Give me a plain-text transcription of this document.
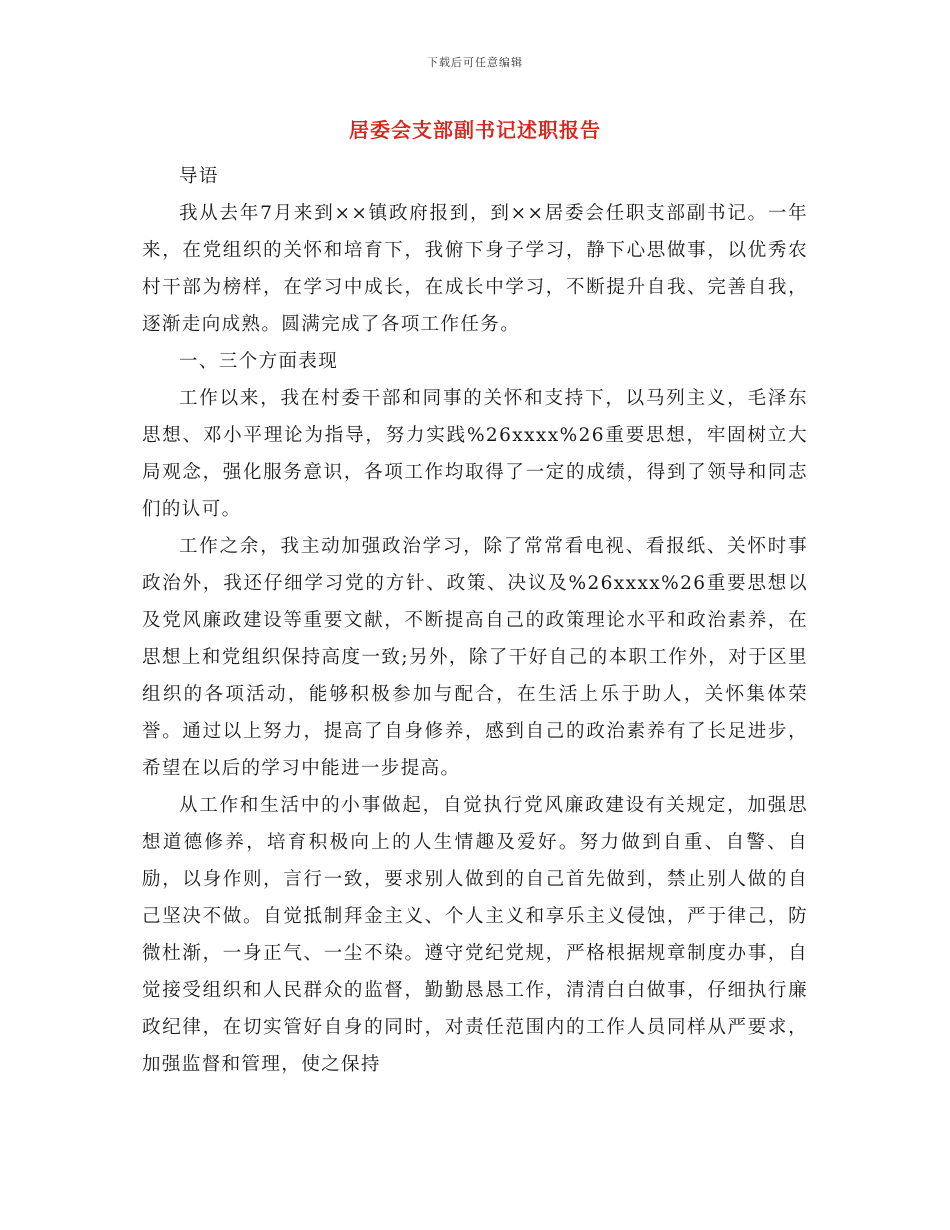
下载后可任意编辑
居委会支部副书记述职报告

导语

我从去年7月来到××镇政府报到，到××居委会任职支部副书记。一年来，在党组织的关怀和培育下，我俯下身子学习，静下心思做事，以优秀农村干部为榜样，在学习中成长，在成长中学习，不断提升自我、完善自我，逐渐走向成熟。圆满完成了各项工作任务。

一、三个方面表现

工作以来，我在村委干部和同事的关怀和支持下，以马列主义，毛泽东思想、邓小平理论为指导，努力实践%26xxxx%26重要思想，牢固树立大局观念，强化服务意识，各项工作均取得了一定的成绩，得到了领导和同志们的认可。

工作之余，我主动加强政治学习，除了常常看电视、看报纸、关怀时事政治外，我还仔细学习党的方针、政策、决议及%26xxxx%26重要思想以及党风廉政建设等重要文献，不断提高自己的政策理论水平和政治素养，在思想上和党组织保持高度一致;另外，除了干好自己的本职工作外，对于区里组织的各项活动，能够积极参加与配合，在生活上乐于助人，关怀集体荣誉。通过以上努力，提高了自身修养，感到自己的政治素养有了长足进步，希望在以后的学习中能进一步提高。

从工作和生活中的小事做起，自觉执行党风廉政建设有关规定，加强思想道德修养，培育积极向上的人生情趣及爱好。努力做到自重、自警、自励，以身作则，言行一致，要求别人做到的自己首先做到，禁止别人做的自己坚决不做。自觉抵制拜金主义、个人主义和享乐主义侵蚀，严于律己，防微杜渐，一身正气、一尘不染。遵守党纪党规，严格根据规章制度办事，自觉接受组织和人民群众的监督，勤勤恳恳工作，清清白白做事，仔细执行廉政纪律，在切实管好自身的同时，对责任范围内的工作人员同样从严要求，加强监督和管理，使之保持
